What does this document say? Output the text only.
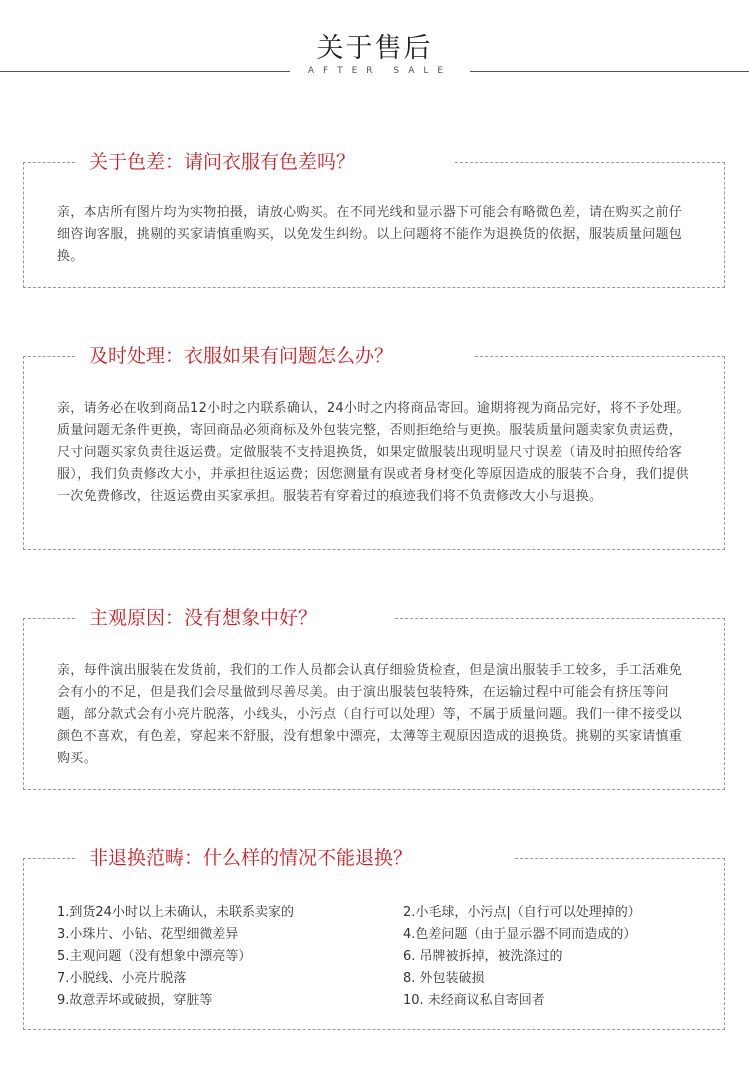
关于售后
AFTER SALE
关于色差：请问衣服有色差吗？
亲，本店所有图片均为实物拍摄，请放心购买。在不同光线和显示器下可能会有略微色差，请在购买之前仔细咨询客服，挑剔的买家请慎重购买，以免发生纠纷。以上问题将不能作为退换货的依据，服装质量问题包换。
及时处理：衣服如果有问题怎么办？
亲，请务必在收到商品12小时之内联系确认，24小时之内将商品寄回。逾期将视为商品完好，将不予处理。质量问题无条件更换，寄回商品必须商标及外包装完整，否则拒绝给与更换。服装质量问题卖家负责运费，尺寸问题买家负责往返运费。定做服装不支持退换货，如果定做服装出现明显尺寸误差（请及时拍照传给客服），我们负责修改大小，并承担往返运费；因您测量有误或者身材变化等原因造成的服装不合身，我们提供一次免费修改，往返运费由买家承担。服装若有穿着过的痕迹我们将不负责修改大小与退换。
主观原因：没有想象中好？
亲，每件演出服装在发货前，我们的工作人员都会认真仔细验货检查，但是演出服装手工较多，手工活难免会有小的不足，但是我们会尽量做到尽善尽美。由于演出服装包装特殊，在运输过程中可能会有挤压等问题，部分款式会有小亮片脱落，小线头，小污点（自行可以处理）等，不属于质量问题。我们一律不接受以颜色不喜欢，有色差，穿起来不舒服，没有想象中漂亮，太薄等主观原因造成的退换货。挑剔的买家请慎重购买。
非退换范畴：什么样的情况不能退换？
1.到货24小时以上未确认，未联系卖家的
3.小珠片、小钻、花型细微差异
5.主观问题（没有想象中漂亮等）
7.小脱线、小亮片脱落
9.故意弄坏或破损，穿脏等
2.小毛球，小污点|（自行可以处理掉的）
4.色差问题（由于显示器不同而造成的）
6. 吊牌被拆掉，被洗涤过的
8. 外包装破损
10. 未经商议私自寄回者
